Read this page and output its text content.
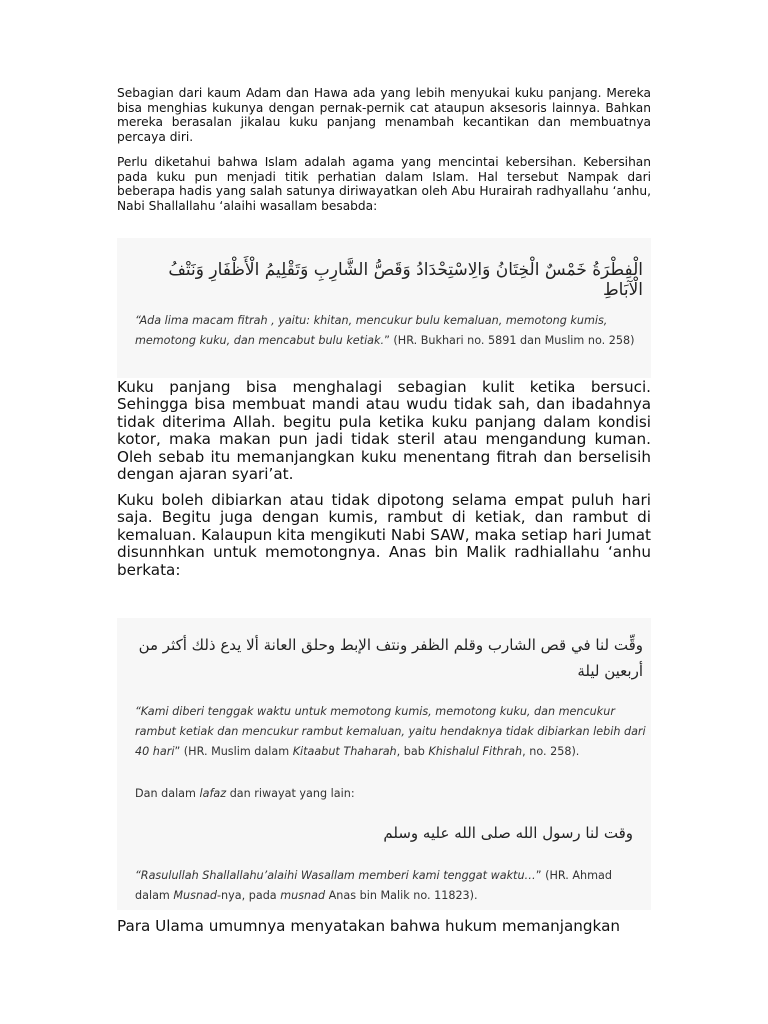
Sebagian dari kaum Adam dan Hawa ada yang lebih menyukai kuku panjang. Mereka bisa menghias kukunya dengan pernak-pernik cat ataupun aksesoris lainnya. Bahkan mereka berasalan jikalau kuku panjang menambah kecantikan dan membuatnya percaya diri.

Perlu diketahui bahwa Islam adalah agama yang mencintai kebersihan. Kebersihan pada kuku pun menjadi titik perhatian dalam Islam. Hal tersebut Nampak dari beberapa hadis yang salah satunya diriwayatkan oleh Abu Hurairah radhyallahu ‘anhu, Nabi Shallallahu ‘alaihi wasallam besabda:

الْفِطْرَةُ خَمْسٌ الْخِتَانُ وَالِاسْتِحْدَادُ وَقَصُّ الشَّارِبِ وَتَقْلِيمُ الْأَظْفَارِ وَنَتْفُ الْآبَاطِ

“Ada lima macam fitrah , yaitu: khitan, mencukur bulu kemaluan, memotong kumis, memotong kuku, dan mencabut bulu ketiak.” (HR. Bukhari no. 5891 dan Muslim no. 258)

Kuku panjang bisa menghalagi sebagian kulit ketika bersuci. Sehingga bisa membuat mandi atau wudu tidak sah, dan ibadahnya tidak diterima Allah. begitu pula ketika kuku panjang dalam kondisi kotor, maka makan pun jadi tidak steril atau mengandung kuman. Oleh sebab itu memanjangkan kuku menentang fitrah dan berselisih dengan ajaran syari’at.

Kuku boleh dibiarkan atau tidak dipotong selama empat puluh hari saja. Begitu juga dengan kumis, rambut di ketiak, dan rambut di kemaluan. Kalaupun kita mengikuti Nabi SAW, maka setiap hari Jumat disunnhkan untuk memotongnya. Anas bin Malik radhiallahu ‘anhu berkata:

وقِّت لنا في قص الشارب وقلم الظفر ونتف الإبط وحلق العانة ألا يدع ذلك أكثر من
أربعين ليلة

“Kami diberi tenggak waktu untuk memotong kumis, memotong kuku, dan mencukur rambut ketiak dan mencukur rambut kemaluan, yaitu hendaknya tidak dibiarkan lebih dari 40 hari” (HR. Muslim dalam Kitaabut Thaharah, bab Khishalul Fithrah, no. 258).

Dan dalam lafaz dan riwayat yang lain:

وقت لنا رسول الله صلى الله عليه وسلم

“Rasulullah Shallallahu’alaihi Wasallam memberi kami tenggat waktu…” (HR. Ahmad dalam Musnad-nya, pada musnad Anas bin Malik no. 11823).

Para Ulama umumnya menyatakan bahwa hukum memanjangkan
